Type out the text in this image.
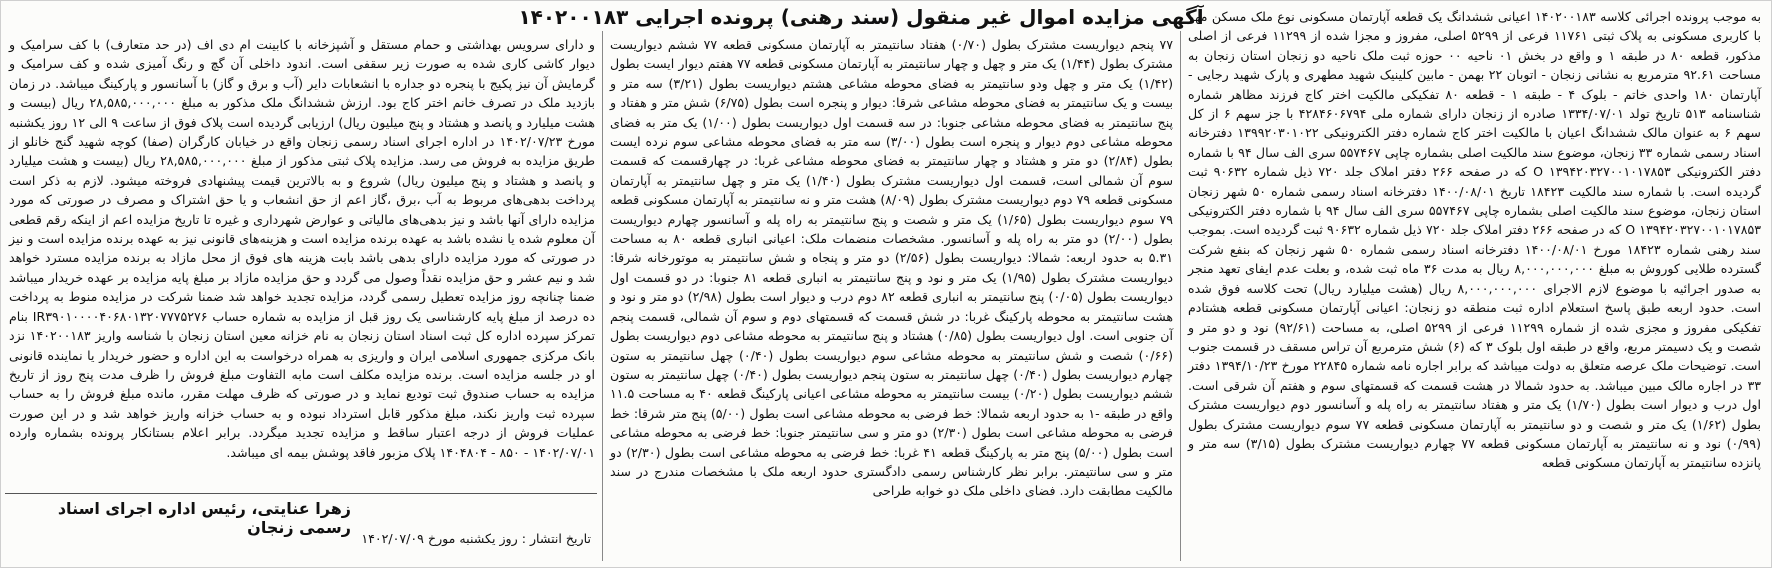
به موجب پرونده اجرائی کلاسه ۱۴۰۲۰۰۱۸۳ اعیانی ششدانگ یک قطعه آپارتمان مسکونی نوع ملک مسکن مهر با کاربری مسکونی به پلاک ثبتی ۱۱۷۶۱ فرعی از ۵۲۹۹ اصلی، مفروز و مجزا شده از ۱۱۲۹۹ فرعی از اصلی مذکور، قطعه ۸۰ در طبقه ۱ و واقع در بخش ۰۱ ناحیه ۰۰ حوزه ثبت ملک ناحیه دو زنجان استان زنجان به مساحت ۹۲.۶۱ مترمربع به نشانی زنجان - اتوبان ۲۲ بهمن - مابین کلینیک شهید مطهری و پارک شهید رجایی - آپارتمان ۱۸۰ واحدی خاتم - بلوک ۴ - طبقه ۱ - قطعه ۸۰ تفکیکی مالکیت اختر کاج فرزند مظاهر شماره شناسنامه ۵۱۳ تاریخ تولد ۱۳۳۴/۰۷/۰۱ صادره از زنجان دارای شماره ملی ۴۲۸۴۶۰۶۷۹۴ با جز سهم ۶ از کل سهم ۶ به عنوان مالک ششدانگ اعیان با مالکیت اختر کاج شماره دفتر الکترونیکی ۱۳۹۹۲۰۳۰۱۰۲۲ دفترخانه اسناد رسمی شماره ۳۳ زنجان، موضوع سند مالکیت اصلی بشماره چاپی ۵۵۷۴۶۷ سری الف سال ۹۴ با شماره دفتر الکترونیکی ۱۳۹۴۲۰۳۲۷۰۰۱۰۱۷۸۵۳ O که در صفحه ۲۶۶ دفتر املاک جلد ۷۲۰ ذیل شماره ۹۰۶۳۲ ثبت گردیده است. با شماره سند مالکیت ۱۸۴۲۳ تاریخ ۱۴۰۰/۰۸/۰۱ دفترخانه اسناد رسمی شماره ۵۰ شهر زنجان استان زنجان، موضوع سند مالکیت اصلی بشماره چاپی ۵۵۷۴۶۷ سری الف سال ۹۴ با شماره دفتر الکترونیکی ۱۳۹۴۲۰۳۲۷۰۰۱۰۱۷۸۵۳ O که در صفحه ۲۶۶ دفتر املاک جلد ۷۲۰ ذیل شماره ۹۰۶۳۲ ثبت گردیده است. بموجب سند رهنی شماره ۱۸۴۲۳ مورخ ۱۴۰۰/۰۸/۰۱ دفترخانه اسناد رسمی شماره ۵۰ شهر زنجان که بنفع شرکت گسترده طلایی کوروش به مبلغ ۸,۰۰۰,۰۰۰,۰۰۰ ریال به مدت ۳۶ ماه ثبت شده، و بعلت عدم ایفای تعهد منجر به صدور اجرائیه با موضوع لازم الاجرای ۸,۰۰۰,۰۰۰,۰۰۰ ریال (هشت میلیارد ریال) تحت کلاسه فوق شده است. حدود اربعه طبق پاسخ استعلام اداره ثبت منطقه دو زنجان: اعیانی آپارتمان مسکونی قطعه هشتادم تفکیکی مفروز و مجزی شده از شماره ۱۱۲۹۹ فرعی از ۵۲۹۹ اصلی، به مساحت (۹۲/۶۱) نود و دو متر و شصت و یک دسیمتر مربع، واقع در طبقه اول بلوک ۳ که (۶) شش مترمربع آن تراس مسقف در قسمت جنوب است. توضیحات ملک عرصه متعلق به دولت میباشد که برابر اجاره نامه شماره ۲۲۸۴۵ مورخ ۱۳۹۴/۱۰/۲۳ دفتر ۳۳ در اجاره مالک مبین میباشد. به حدود شمالا در هشت قسمت که قسمتهای سوم و هفتم آن شرقی است. اول درب و دیوار است بطول (۱/۷۰) یک متر و هفتاد سانتیمتر به راه پله و آسانسور دوم دیواریست مشترک بطول (۱/۶۲) یک متر و شصت و دو سانتیمتر به آپارتمان مسکونی قطعه ۷۷ سوم دیواریست مشترک بطول (۰/۹۹) نود و نه سانتیمتر به آپارتمان مسکونی قطعه ۷۷ چهارم دیواریست مشترک بطول (۳/۱۵) سه متر و پانزده سانتیمتر به آپارتمان مسکونی قطعه

آگهی مزایده اموال غیر منقول (سند رهنی) پرونده اجرایی ۱۴۰۲۰۰۱۸۳

۷۷ پنجم دیواریست مشترک بطول (۰/۷۰) هفتاد سانتیمتر به آپارتمان مسکونی قطعه ۷۷ ششم دیواریست مشترک بطول (۱/۴۴) یک متر و چهل و چهار سانتیمتر به آپارتمان مسکونی قطعه ۷۷ هفتم دیوار ایست بطول (۱/۴۲) یک متر و چهل ودو سانتیمتر به فضای محوطه مشاعی هشتم دیواریست بطول (۳/۲۱) سه متر و بیست و یک سانتیمتر به فضای محوطه مشاعی شرقا: دیوار و پنجره است بطول (۶/۷۵) شش متر و هفتاد و پنج سانتیمتر به فضای محوطه مشاعی جنوبا: در سه قسمت اول دیواریست بطول (۱/۰۰) یک متر به فضای محوطه مشاعی دوم دیوار و پنجره است بطول (۳/۰۰) سه متر به فضای محوطه مشاعی سوم نرده ایست بطول (۲/۸۴) دو متر و هشتاد و چهار سانتیمتر به فضای محوطه مشاعی غربا: در چهارقسمت که قسمت سوم آن شمالی است، قسمت اول دیواریست مشترک بطول (۱/۴۰) یک متر و چهل سانتیمتر به آپارتمان مسکونی قطعه ۷۹ دوم دیواریست مشترک بطول (۸/۰۹) هشت متر و نه سانتیمتر به آپارتمان مسکونی قطعه ۷۹ سوم دیواریست بطول (۱/۶۵) یک متر و شصت و پنج سانتیمتر به راه پله و آسانسور چهارم دیواریست بطول (۲/۰۰) دو متر به راه پله و آسانسور. مشخصات منضمات ملک: اعیانی انباری قطعه ۸۰ به مساحت ۵.۳۱ به حدود اربعه: شمالا: دیواریست بطول (۲/۵۶) دو متر و پنجاه و شش سانتیمتر به موتورخانه شرقا: دیواریست مشترک بطول (۱/۹۵) یک متر و نود و پنج سانتیمتر به انباری قطعه ۸۱ جنوبا: در دو قسمت اول دیواریست بطول (۰/۰۵) پنج سانتیمتر به انباری قطعه ۸۲ دوم درب و دیوار است بطول (۲/۹۸) دو متر و نود و هشت سانتیمتر به محوطه پارکینگ غربا: در شش قسمت که قسمتهای دوم و سوم آن شمالی، قسمت پنجم آن جنوبی است. اول دیواریست بطول (۰/۸۵) هشتاد و پنج سانتیمتر به محوطه مشاعی دوم دیواریست بطول (۰/۶۶) شصت و شش سانتیمتر به محوطه مشاعی سوم دیواریست بطول (۰/۴۰) چهل سانتیمتر به ستون چهارم دیواریست بطول (۰/۴۰) چهل سانتیمتر به ستون پنجم دیواریست بطول (۰/۴۰) چهل سانتیمتر به ستون ششم دیواریست بطول (۰/۲۰) بیست سانتیمتر به محوطه مشاعی اعیانی پارکینگ قطعه ۴۰ به مساحت ۱۱.۵ واقع در طبقه -۱ به حدود اربعه شمالا: خط فرضی به محوطه مشاعی است بطول (۵/۰۰) پنج متر شرقا: خط فرضی به محوطه مشاعی است بطول (۲/۳۰) دو متر و سی سانتیمتر جنوبا: خط فرضی به محوطه مشاعی است بطول (۵/۰۰) پنج متر به پارکینگ قطعه ۴۱ غربا: خط فرضی به محوطه مشاعی است بطول (۲/۳۰) دو متر و سی سانتیمتر. برابر نظر کارشناس رسمی دادگستری حدود اربعه ملک با مشخصات مندرج در سند مالکیت مطابقت دارد. فضای داخلی ملک دو خوابه طراحی

و دارای سرویس بهداشتی و حمام مستقل و آشپزخانه با کابینت ام دی اف (در حد متعارف) با کف سرامیک و دیوار کاشی کاری شده به صورت زیر سقفی است. اندود داخلی آن گچ و رنگ آمیزی شده و کف سرامیک و گرمایش آن نیز پکیج با پنجره دو جداره با انشعابات دایر (آب و برق و گاز) با آسانسور و پارکینگ میباشد. در زمان بازدید ملک در تصرف خانم اختر کاج بود. ارزش ششدانگ ملک مذکور به مبلغ ۲۸,۵۸۵,۰۰۰,۰۰۰ ریال (بیست و هشت میلیارد و پانصد و هشتاد و پنج میلیون ریال) ارزیابی گردیده است پلاک فوق از ساعت ۹ الی ۱۲ روز یکشنبه مورخ ۱۴۰۲/۰۷/۲۳ در اداره اجرای اسناد رسمی زنجان واقع در خیابان کارگران (صفا) کوچه شهید گنج خانلو از طریق مزایده به فروش می رسد. مزایده پلاک ثبتی مذکور از مبلغ ۲۸,۵۸۵,۰۰۰,۰۰۰ ریال (بیست و هشت میلیارد و پانصد و هشتاد و پنج میلیون ریال) شروع و به بالاترین قیمت پیشنهادی فروخته میشود. لازم به ذکر است پرداخت بدهی‌های مربوط به آب ،برق ،گاز اعم از حق انشعاب و یا حق اشتراک و مصرف در صورتی که مورد مزایده دارای آنها باشد و نیز بدهی‌های مالیاتی و عوارض شهرداری و غیره تا تاریخ مزایده اعم از اینکه رقم قطعی آن معلوم شده یا نشده باشد به عهده برنده مزایده است و هزینه‌های قانونی نیز به عهده برنده مزایده است و نیز در صورتی که مورد مزایده دارای بدهی باشد بابت هزینه های فوق از محل مازاد به برنده مزایده مسترد خواهد شد و نیم عشر و حق مزایده نقداً وصول می گردد و حق مزایده مازاد بر مبلغ پایه مزایده بر عهده خریدار میباشد ضمنا چنانچه روز مزایده تعطیل رسمی گردد، مزایده تجدید خواهد شد ضمنا شرکت در مزایده منوط به پرداخت ده درصد از مبلغ پایه کارشناسی یک روز قبل از مزایده به شماره حساب IR۳۹۰۱۰۰۰۰۴۰۶۸۰۱۳۲۰۷۷۷۵۲۷۶ بنام تمرکز سپرده اداره کل ثبت اسناد استان زنجان به نام خزانه معین استان زنجان با شناسه واریز ۱۴۰۲۰۰۱۸۳ نزد بانک مرکزی جمهوری اسلامی ایران و واریزی به همراه درخواست به این اداره و حضور خریدار یا نماینده قانونی او در جلسه مزایده است. برنده مزایده مکلف است مابه التفاوت مبلغ فروش را ظرف مدت پنج روز از تاریخ مزایده به حساب صندوق ثبت تودیع نماید و در صورتی که ظرف مهلت مقرر، مانده مبلغ فروش را به حساب سپرده ثبت واریز نکند، مبلغ مذکور قابل استرداد نبوده و به حساب خزانه واریز خواهد شد و در این صورت عملیات فروش از درجه اعتبار ساقط و مزایده تجدید میگردد. برابر اعلام بستانکار پرونده بشماره وارده ۱۴۰۲/۰۷/۰۱ - ۸۵۰ - ۱۴۰۴۸۰۴ پلاک مزبور فاقد پوشش بیمه ای میباشد.

زهرا عنایتی، رئیس اداره اجرای اسناد رسمی زنجان
تاریخ انتشار : روز یکشنبه مورخ ۱۴۰۲/۰۷/۰۹
